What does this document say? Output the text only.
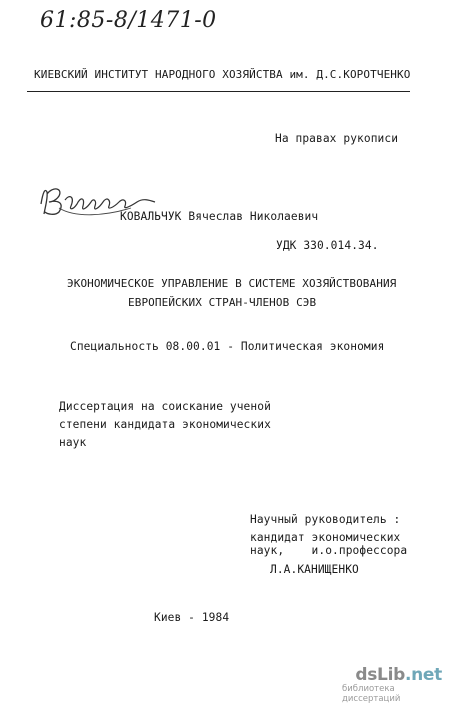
61:85-8/1471-0
КИЕВСКИЙ ИНСТИТУТ НАРОДНОГО ХОЗЯЙСТВА им. Д.С.КОРОТЧЕНКО
На правах рукописи
КОВАЛЬЧУК Вячеслав Николаевич
УДК 330.014.34.
ЭКОНОМИЧЕСКОЕ УПРАВЛЕНИЕ В СИСТЕМЕ ХОЗЯЙСТВОВАНИЯ
ЕВРОПЕЙСКИХ СТРАН-ЧЛЕНОВ СЭВ
Специальность 08.00.01 - Политическая экономия
Диссертация на соискание ученой
степени кандидата экономических
наук
Научный руководитель :
кандидат экономических
наук,    и.о.профессора
Л.А.КАНИЩЕНКО
Киев - 1984
dsLib.net
библиотека диссертаций
